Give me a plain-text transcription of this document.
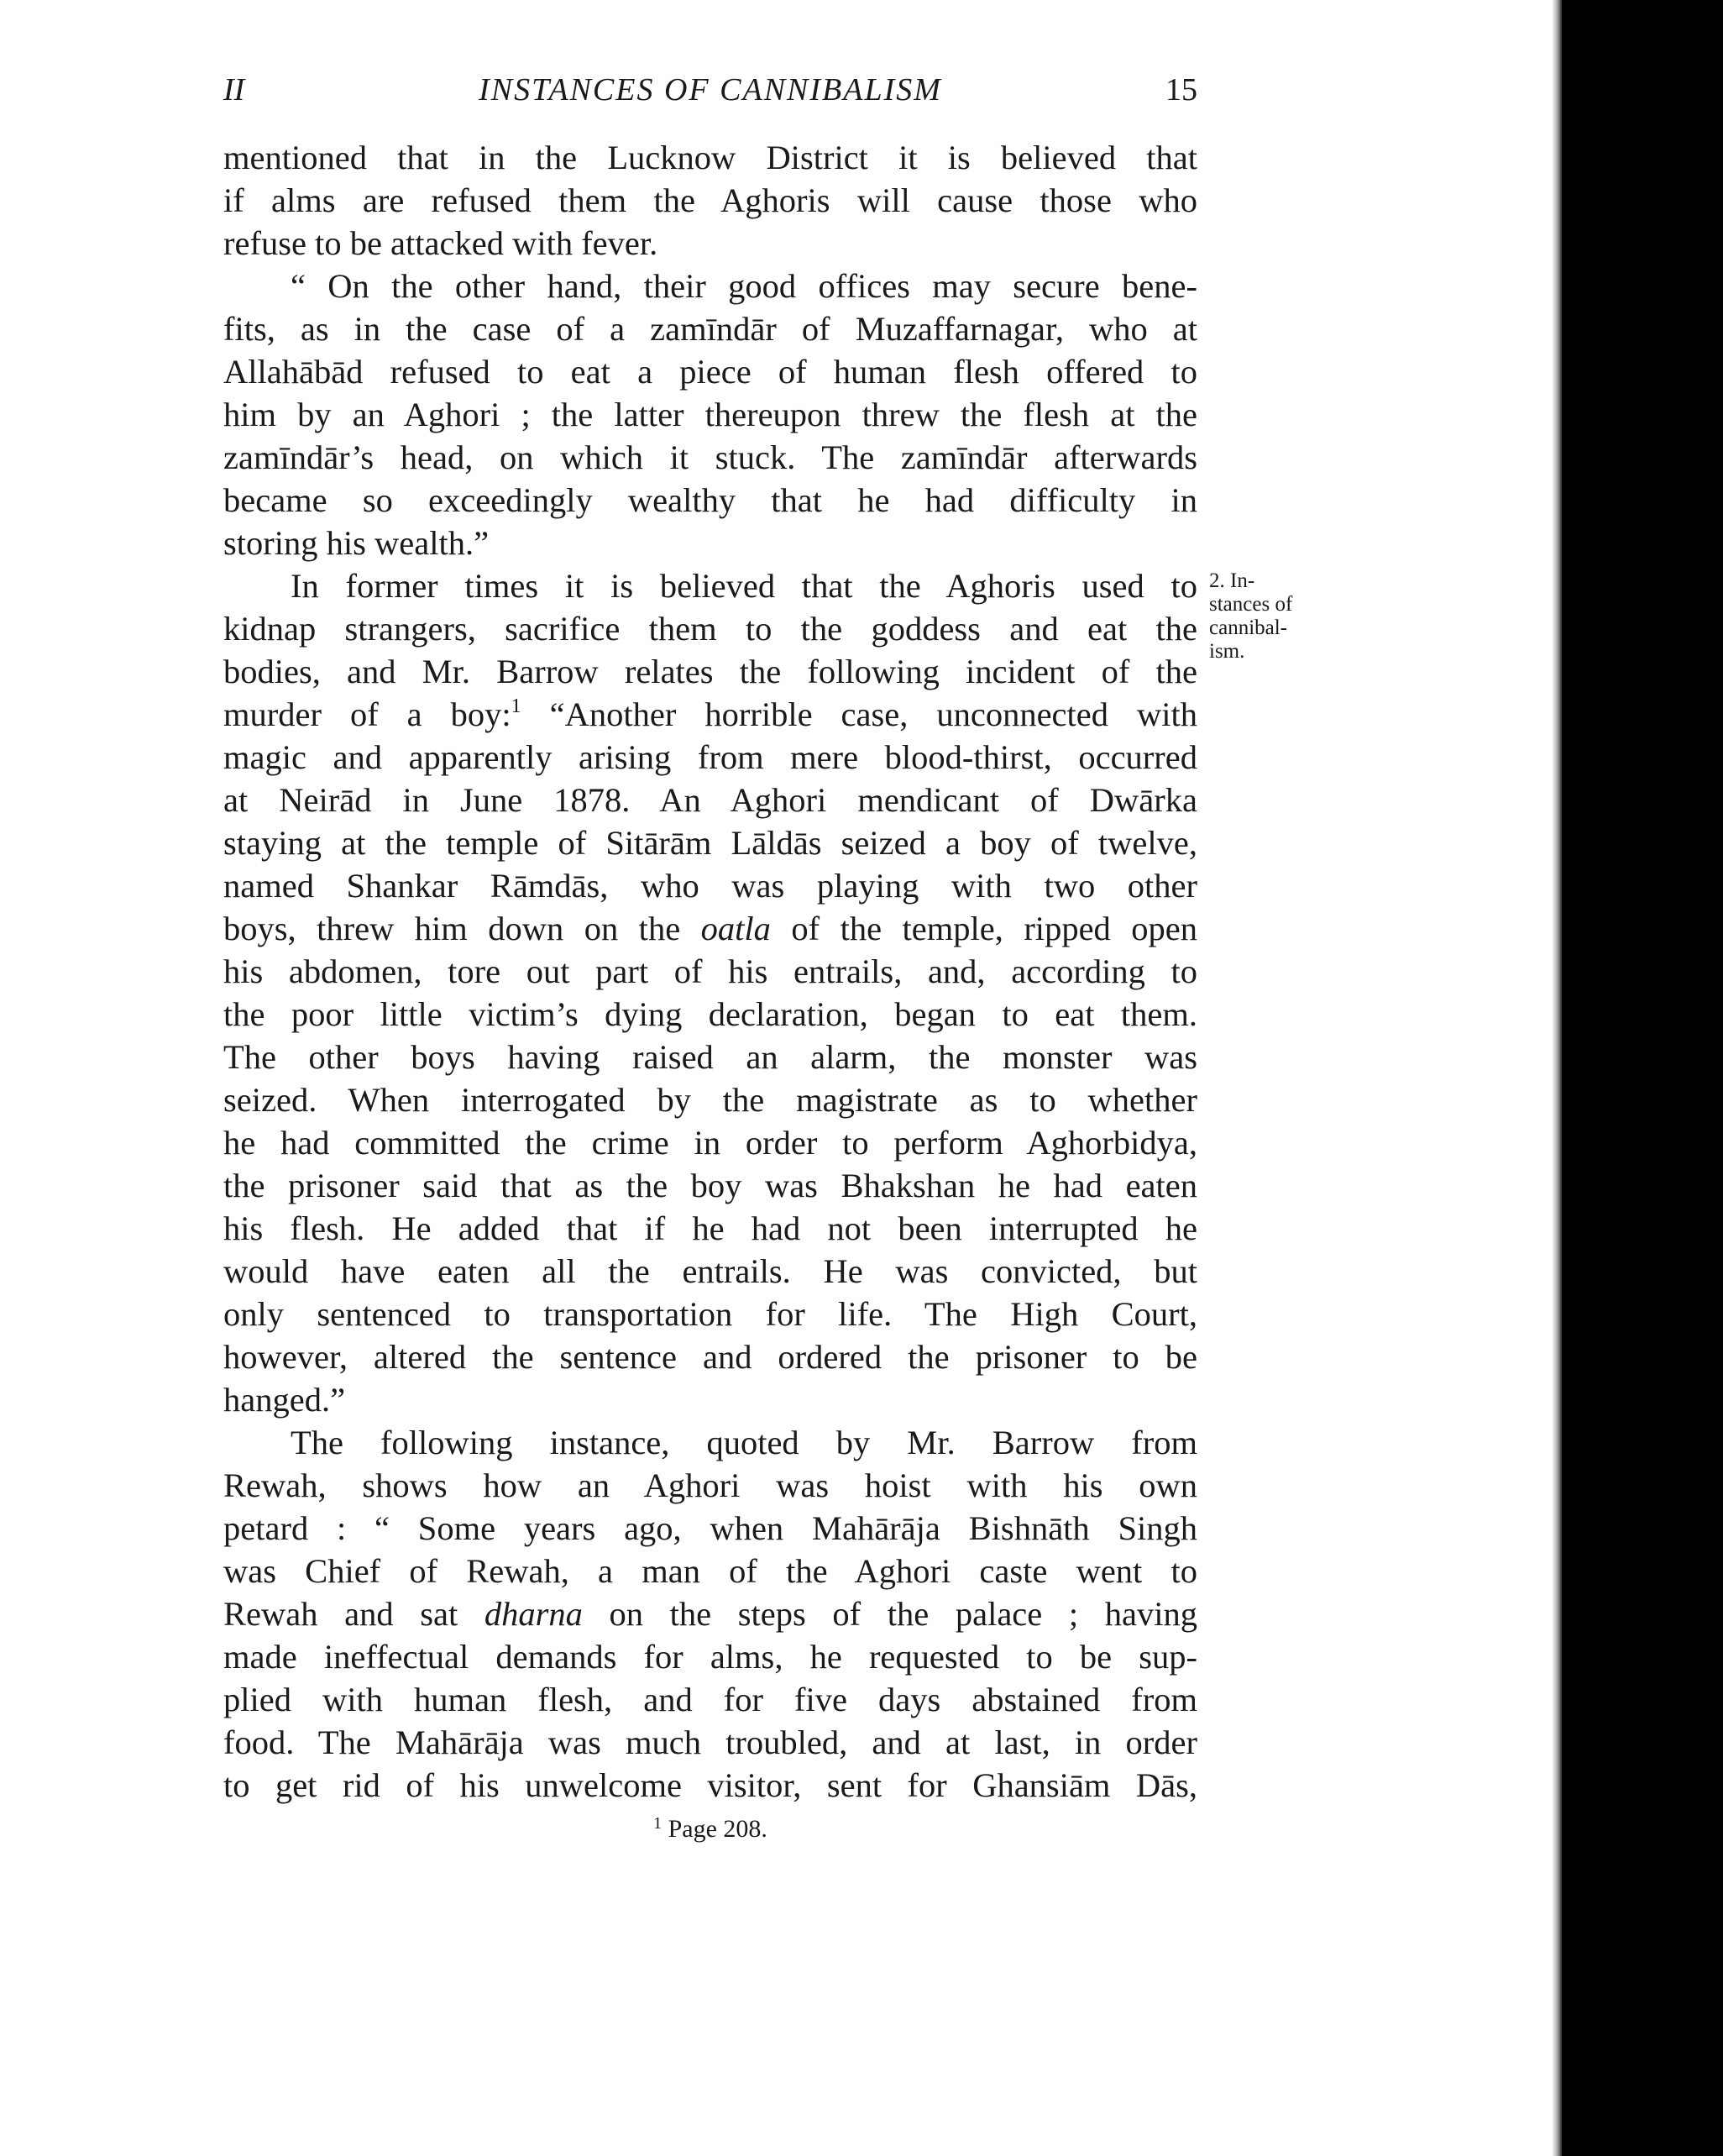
II	INSTANCES OF CANNIBALISM	15
mentioned that in the Lucknow District it is believed that
if alms are refused them the Aghoris will cause those who
refuse to be attacked with fever.
“ On the other hand, their good offices may secure bene-
fits, as in the case of a zamīndār of Muzaffarnagar, who at
Allahābād refused to eat a piece of human flesh offered to
him by an Aghori ; the latter thereupon threw the flesh at the
zamīndār’s head, on which it stuck. The zamīndār afterwards
became so exceedingly wealthy that he had difficulty in
storing his wealth.”
In former times it is believed that the Aghoris used to
kidnap strangers, sacrifice them to the goddess and eat the
bodies, and Mr. Barrow relates the following incident of the
murder of a boy:$^1$ “Another horrible case, unconnected with
magic and apparently arising from mere blood-thirst, occurred
at Neirād in June 1878. An Aghori mendicant of Dwārka
staying at the temple of Sitārām Lāldās seized a boy of twelve,
named Shankar Rāmdās, who was playing with two other
boys, threw him down on the oatla of the temple, ripped open
his abdomen, tore out part of his entrails, and, according to
the poor little victim’s dying declaration, began to eat them.
The other boys having raised an alarm, the monster was
seized. When interrogated by the magistrate as to whether
he had committed the crime in order to perform Aghorbidya,
the prisoner said that as the boy was Bhakshan he had eaten
his flesh. He added that if he had not been interrupted he
would have eaten all the entrails. He was convicted, but
only sentenced to transportation for life. The High Court,
however, altered the sentence and ordered the prisoner to be
hanged.”
The following instance, quoted by Mr. Barrow from
Rewah, shows how an Aghori was hoist with his own
petard : “ Some years ago, when Mahārāja Bishnāth Singh
was Chief of Rewah, a man of the Aghori caste went to
Rewah and sat dharna on the steps of the palace ; having
made ineffectual demands for alms, he requested to be sup-
plied with human flesh, and for five days abstained from
food. The Mahārāja was much troubled, and at last, in order
to get rid of his unwelcome visitor, sent for Ghansiām Dās,
2. In-
stances of
cannibal-
ism.
$^1$ Page 208.
